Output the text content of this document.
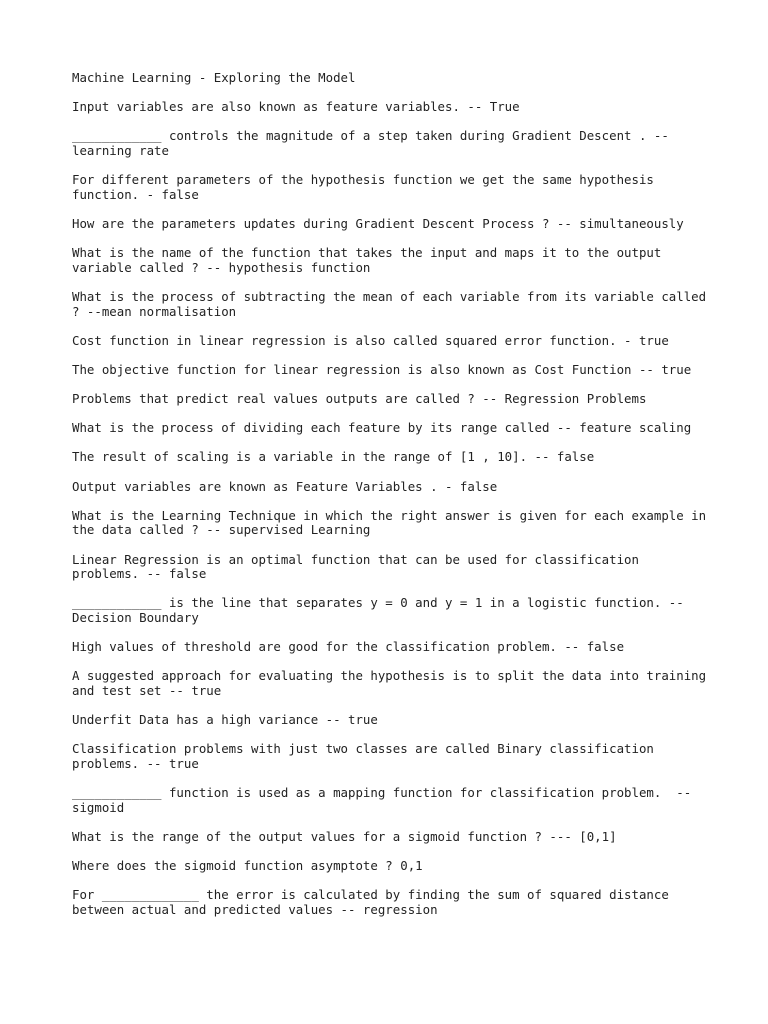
Machine Learning - Exploring the Model
Input variables are also known as feature variables. -- True
____________ controls the magnitude of a step taken during Gradient Descent . -- learning rate
For different parameters of the hypothesis function we get the same hypothesis function. - false
How are the parameters updates during Gradient Descent Process ? -- simultaneously
What is the name of the function that takes the input and maps it to the output variable called ? -- hypothesis function
What is the process of subtracting the mean of each variable from its variable called ? --mean normalisation
Cost function in linear regression is also called squared error function. - true
The objective function for linear regression is also known as Cost Function -- true
Problems that predict real values outputs are called ? -- Regression Problems
What is the process of dividing each feature by its range called -- feature scaling
The result of scaling is a variable in the range of [1 , 10]. -- false
Output variables are known as Feature Variables . - false
What is the Learning Technique in which the right answer is given for each example in the data called ? -- supervised Learning
Linear Regression is an optimal function that can be used for classification problems. -- false
____________ is the line that separates y = 0 and y = 1 in a logistic function. -- Decision Boundary
High values of threshold are good for the classification problem. -- false
A suggested approach for evaluating the hypothesis is to split the data into training and test set -- true
Underfit Data has a high variance -- true
Classification problems with just two classes are called Binary classification problems. -- true
____________ function is used as a mapping function for classification problem.  -- sigmoid
What is the range of the output values for a sigmoid function ? --- [0,1]
Where does the sigmoid function asymptote ? 0,1
For _____________ the error is calculated by finding the sum of squared distance between actual and predicted values -- regression
